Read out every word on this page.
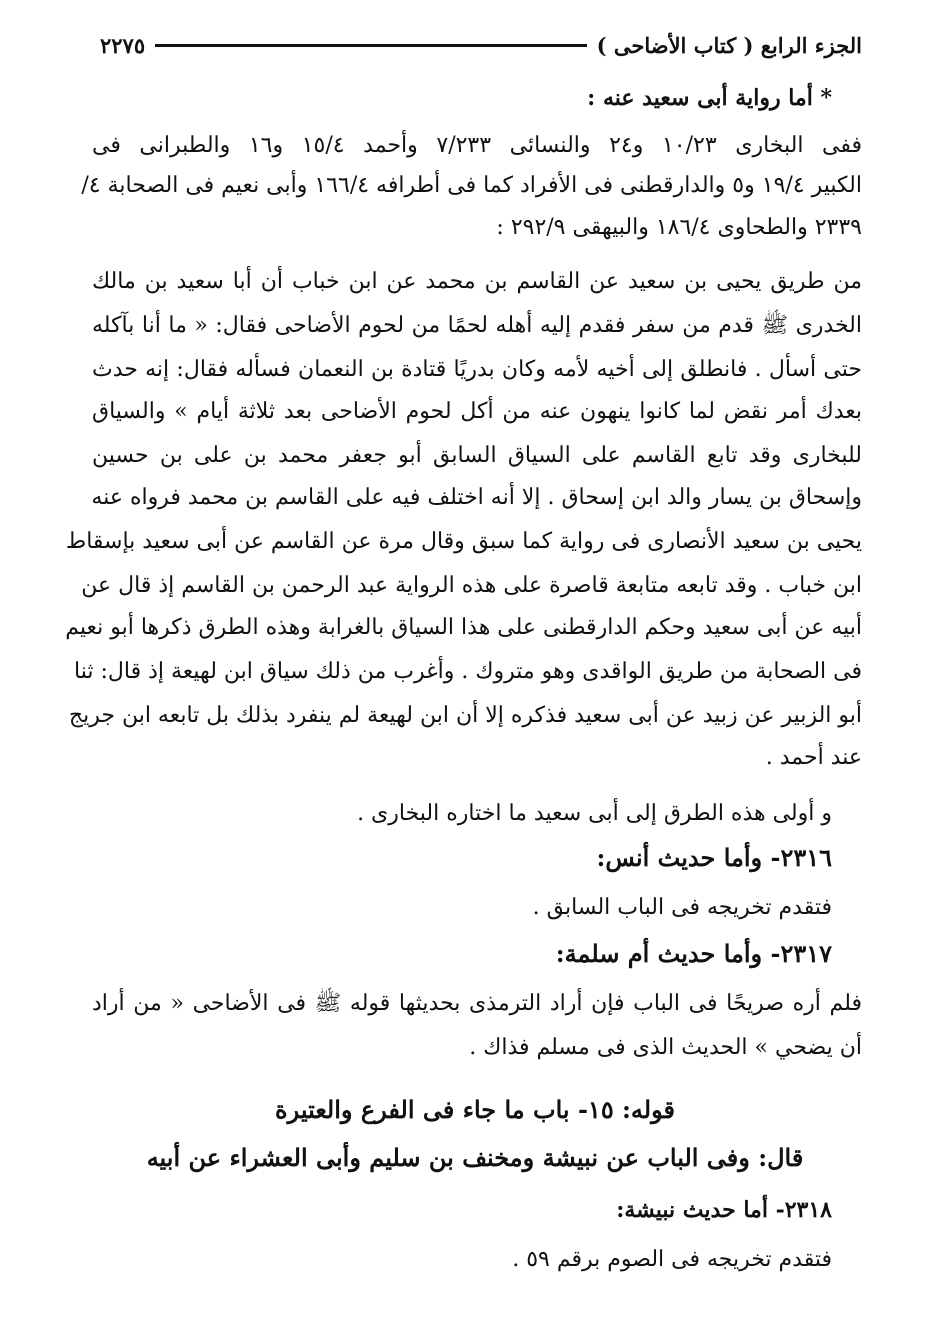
الجزء الرابع ( كتاب الأضاحى )
٢٢٧٥
* أما رواية أبى سعيد عنه :
ففى البخارى ١٠/٢٣ و٢٤ والنسائى ٧/٢٣٣ وأحمد ١٥/٤ و١٦ والطبرانى فى
الكبير ١٩/٤ و٥ والدارقطنى فى الأفراد كما فى أطرافه ١٦٦/٤ وأبى نعيم فى الصحابة ٤/
٢٣٣٩ والطحاوى ١٨٦/٤ والبيهقى ٢٩٢/٩ :
من طريق يحيى بن سعيد عن القاسم بن محمد عن ابن خباب أن أبا سعيد بن مالك
الخدرى ﷺ قدم من سفر فقدم إليه أهله لحمًا من لحوم الأضاحى فقال: « ما أنا بآكله
حتى أسأل . فانطلق إلى أخيه لأمه وكان بدريًا قتادة بن النعمان فسأله فقال: إنه حدث
بعدك أمر نقض لما كانوا ينهون عنه من أكل لحوم الأضاحى بعد ثلاثة أيام » والسياق
للبخارى وقد تابع القاسم على السياق السابق أبو جعفر محمد بن على بن حسين
وإسحاق بن يسار والد ابن إسحاق . إلا أنه اختلف فيه على القاسم بن محمد فرواه عنه
يحيى بن سعيد الأنصارى فى رواية كما سبق وقال مرة عن القاسم عن أبى سعيد بإسقاط
ابن خباب . وقد تابعه متابعة قاصرة على هذه الرواية عبد الرحمن بن القاسم إذ قال عن
أبيه عن أبى سعيد وحكم الدارقطنى على هذا السياق بالغرابة وهذه الطرق ذكرها أبو نعيم
فى الصحابة من طريق الواقدى وهو متروك . وأغرب من ذلك سياق ابن لهيعة إذ قال: ثنا
أبو الزبير عن زبيد عن أبى سعيد فذكره إلا أن ابن لهيعة لم ينفرد بذلك بل تابعه ابن جريج
عند أحمد .
و أولى هذه الطرق إلى أبى سعيد ما اختاره البخارى .
٢٣١٦- وأما حديث أنس:
فتقدم تخريجه فى الباب السابق .
٢٣١٧- وأما حديث أم سلمة:
فلم أره صريحًا فى الباب فإن أراد الترمذى بحديثها قوله ﷺ فى الأضاحى « من أراد
أن يضحي » الحديث الذى فى مسلم فذاك .
قوله: ١٥- باب ما جاء فى الفرع والعتيرة
قال: وفى الباب عن نبيشة ومخنف بن سليم وأبى العشراء عن أبيه
٢٣١٨- أما حديث نبيشة:
فتقدم تخريجه فى الصوم برقم ٥٩ .
